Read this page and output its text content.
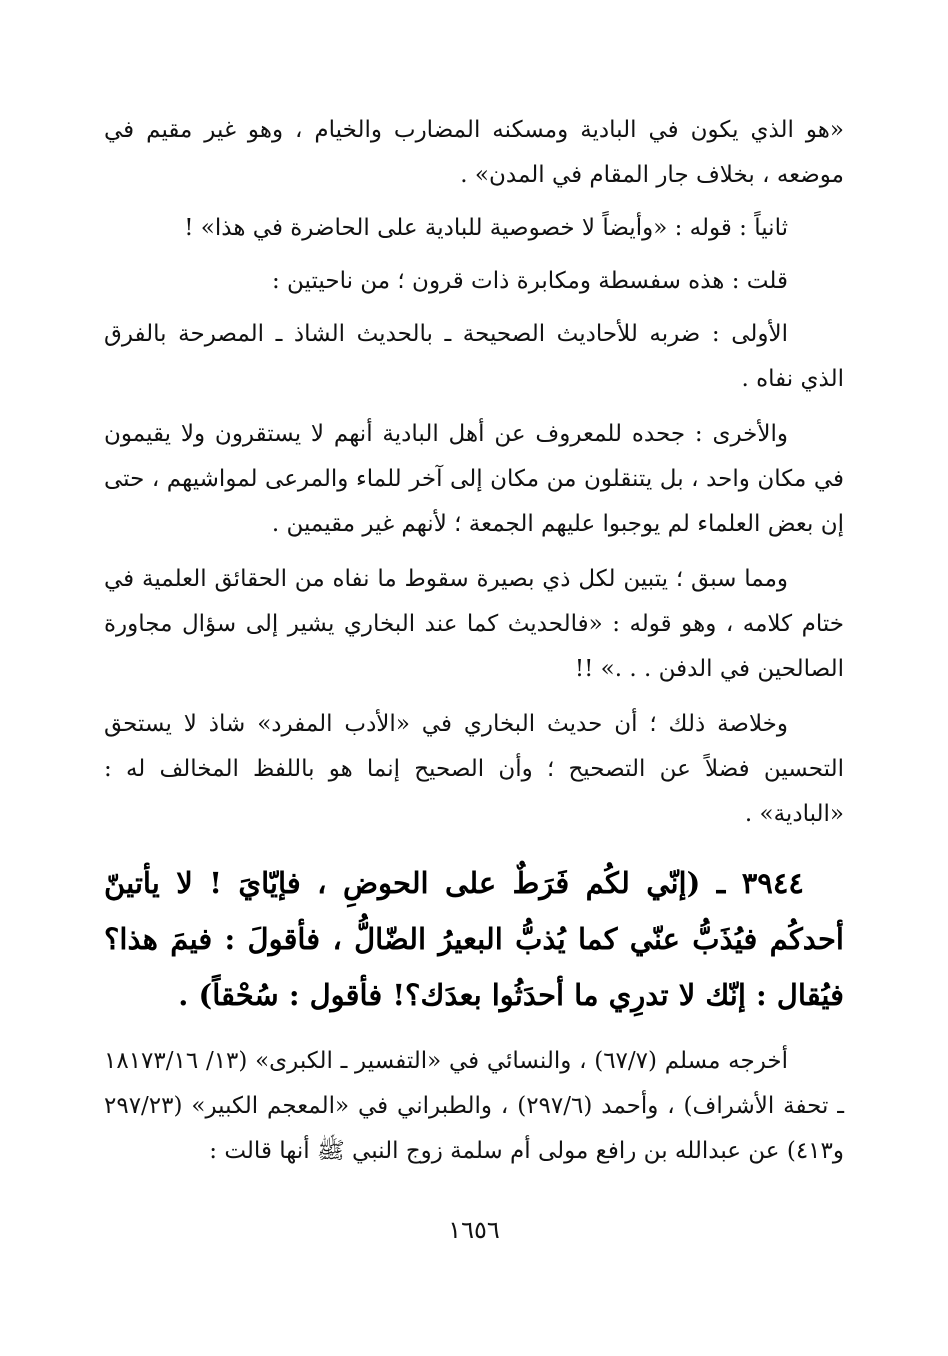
«هو الذي يكون في البادية ومسكنه المضارب والخيام ، وهو غير مقيم في موضعه ، بخلاف جار المقام في المدن» .

ثانياً : قوله : «وأيضاً لا خصوصية للبادية على الحاضرة في هذا» !

قلت : هذه سفسطة ومكابرة ذات قرون ؛ من ناحيتين :

الأولى : ضربه للأحاديث الصحيحة ـ بالحديث الشاذ ـ المصرحة بالفرق الذي نفاه .

والأخرى : جحده للمعروف عن أهل البادية أنهم لا يستقرون ولا يقيمون في مكان واحد ، بل يتنقلون من مكان إلى آخر للماء والمرعى لمواشيهم ، حتى إن بعض العلماء لم يوجبوا عليهم الجمعة ؛ لأنهم غير مقيمين .

ومما سبق ؛ يتبين لكل ذي بصيرة سقوط ما نفاه من الحقائق العلمية في ختام كلامه ، وهو قوله : «فالحديث كما عند البخاري يشير إلى سؤال مجاورة الصالحين في الدفن . . .» !!

وخلاصة ذلك ؛ أن حديث البخاري في «الأدب المفرد» شاذ لا يستحق التحسين فضلاً عن التصحيح ؛ وأن الصحيح إنما هو باللفظ المخالف له : «البادية» .

٣٩٤٤ ـ (إنّي لكُم فَرَطٌ على الحوضِ ، فإيّايَ ! لا يأتينّ أحدكُم فيُذَبُّ عنّي كما يُذبُّ البعيرُ الضّالُّ ، فأقولَ : فيمَ هذا؟ فيُقال : إنّك لا تدرِي ما أحدَثُوا بعدَك؟! فأقول : سُحْقاً) .

أخرجه مسلم (٦٧/٧) ، والنسائي في «التفسير ـ الكبرى» (١٣/ ١٨١٧٣/١٦ ـ تحفة الأشراف) ، وأحمد (٢٩٧/٦) ، والطبراني في «المعجم الكبير» (٢٩٧/٢٣ و٤١٣) عن عبدالله بن رافع مولى أم سلمة زوج النبي ﷺ أنها قالت :

١٦٥٦
